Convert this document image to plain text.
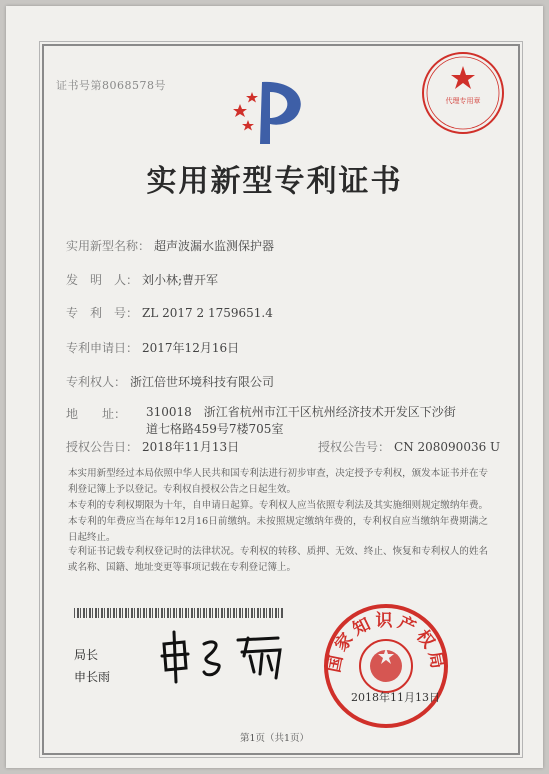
证书号第8068578号
实用新型专利证书
代理专用章
实用新型名称： 超声波漏水监测保护器
发　明　人： 刘小林;曹开军
专　利　号： ZL 2017 2 1759651.4
专利申请日： 2017年12月16日
专利权人： 浙江倍世环境科技有限公司
地　　址： 310018　浙江省杭州市江干区杭州经济技术开发区下沙街
道七格路459号7楼705室
授权公告日： 2018年11月13日	授权公告号： CN 208090036 U
本实用新型经过本局依照中华人民共和国专利法进行初步审查，决定授予专利权，颁发本证书并在专利登记簿上予以登记。专利权自授权公告之日起生效。
本专利的专利权期限为十年，自申请日起算。专利权人应当依照专利法及其实施细则规定缴纳年费。本专利的年费应当在每年12月16日前缴纳。未按照规定缴纳年费的，专利权自应当缴纳年费期满之日起终止。
专利证书记载专利权登记时的法律状况。专利权的转移、质押、无效、终止、恢复和专利权人的姓名或名称、国籍、地址变更等事项记载在专利登记簿上。
局长
申长雨
国家知识产权局
2018年11月13日
第1页（共1页）
